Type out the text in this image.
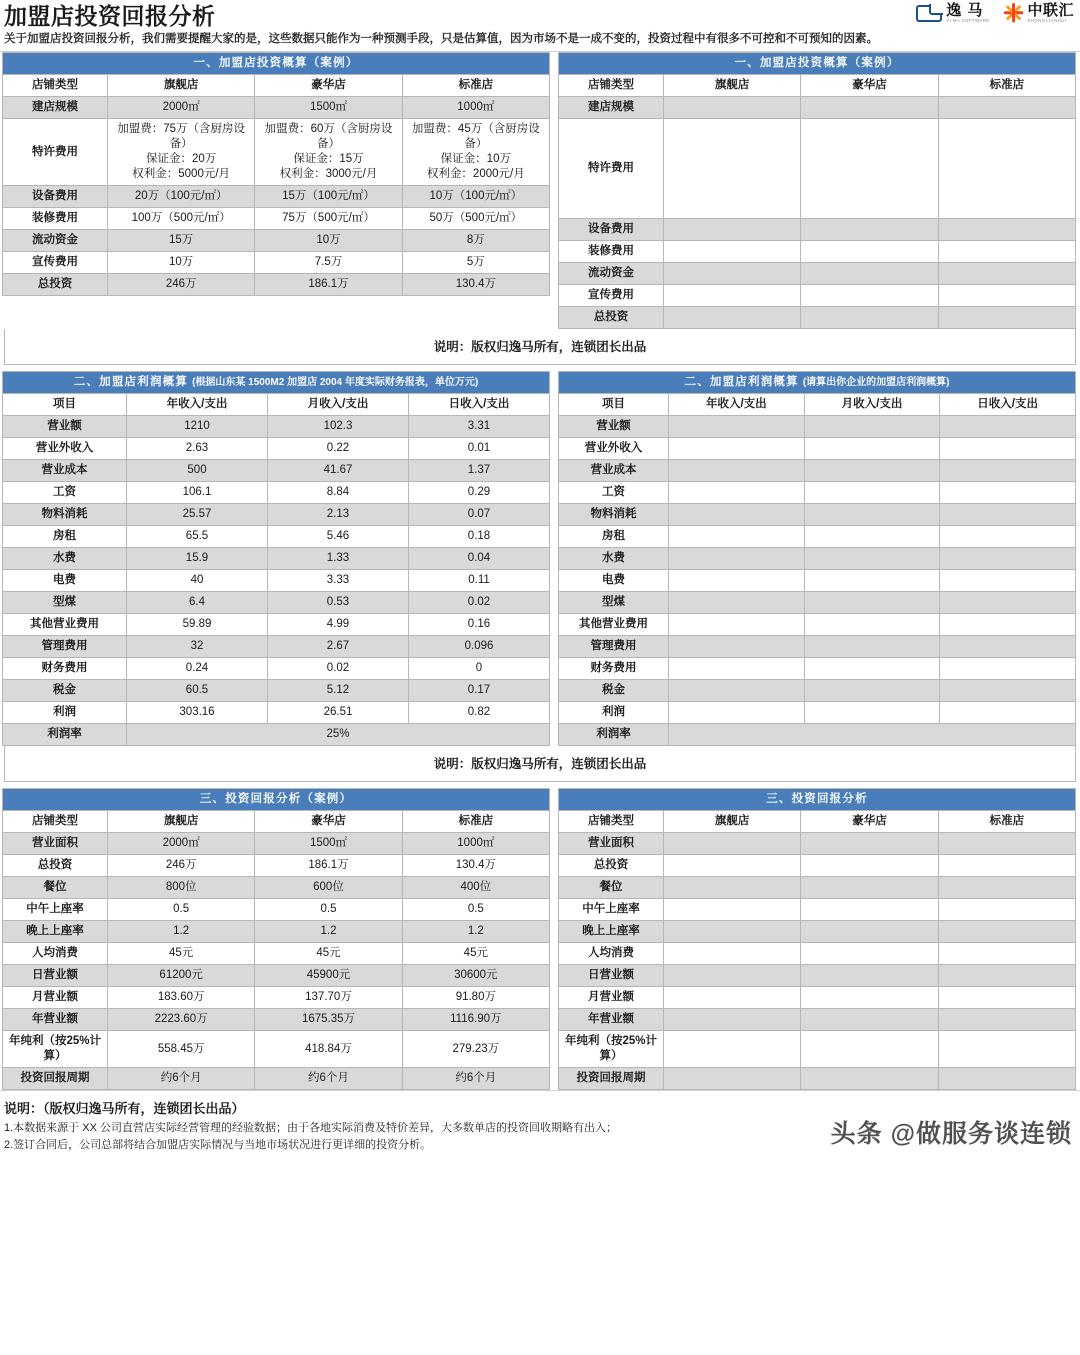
加盟店投资回报分析
关于加盟店投资回报分析，我们需要提醒大家的是，这些数据只能作为一种预测手段，只是估算值，因为市场不是一成不变的，投资过程中有很多不可控和不可预知的因素。
逸 马
YI MA SOFTWARE
中联汇
ZHONGLIANHUI
一、加盟店投资概算（案例）			
店铺类型	旗舰店	豪华店	标准店
建店规模	2000㎡	1500㎡	1000㎡
特许费用	加盟费：75万（含厨房设备）
保证金：20万
权利金：5000元/月	加盟费：60万（含厨房设备）
保证金：15万
权利金：3000元/月	加盟费：45万（含厨房设备）
保证金：10万
权利金：2000元/月
设备费用	20万（100元/㎡）	15万（100元/㎡）	10万（100元/㎡）
装修费用	100万（500元/㎡）	75万（500元/㎡）	50万（500元/㎡）
流动资金	15万	10万	8万
宣传费用	10万	7.5万	5万
总投资	246万	186.1万	130.4万
一、加盟店投资概算（案例）			
店铺类型	旗舰店	豪华店	标准店
建店规模			
特许费用			
设备费用			
装修费用			
流动资金			
宣传费用			
总投资			
说明：版权归逸马所有，连锁团长出品
二、加盟店利润概算 (根据山东某 1500M2 加盟店 2004 年度实际财务报表，单位万元)			
项目	年收入/支出	月收入/支出	日收入/支出
营业额	1210	102.3	3.31
营业外收入	2.63	0.22	0.01
营业成本	500	41.67	1.37
工资	106.1	8.84	0.29
物料消耗	25.57	2.13	0.07
房租	65.5	5.46	0.18
水费	15.9	1.33	0.04
电费	40	3.33	0.11
型煤	6.4	0.53	0.02
其他营业费用	59.89	4.99	0.16
管理费用	32	2.67	0.096
财务费用	0.24	0.02	0
税金	60.5	5.12	0.17
利润	303.16	26.51	0.82
利润率	25%		
二、加盟店利润概算 (请算出你企业的加盟店利润概算)			
项目	年收入/支出	月收入/支出	日收入/支出
营业额			
营业外收入			
营业成本			
工资			
物料消耗			
房租			
水费			
电费			
型煤			
其他营业费用			
管理费用			
财务费用			
税金			
利润			
利润率			
说明：版权归逸马所有，连锁团长出品
三、投资回报分析（案例）			
店铺类型	旗舰店	豪华店	标准店
营业面积	2000㎡	1500㎡	1000㎡
总投资	246万	186.1万	130.4万
餐位	800位	600位	400位
中午上座率	0.5	0.5	0.5
晚上上座率	1.2	1.2	1.2
人均消费	45元	45元	45元
日营业额	61200元	45900元	30600元
月营业额	183.60万	137.70万	91.80万
年营业额	2223.60万	1675.35万	1116.90万
年纯利（按25%计算）	558.45万	418.84万	279.23万
投资回报周期	约6个月	约6个月	约6个月
三、投资回报分析			
店铺类型	旗舰店	豪华店	标准店
营业面积			
总投资			
餐位			
中午上座率			
晚上上座率			
人均消费			
日营业额			
月营业额			
年营业额			
年纯利（按25%计算）			
投资回报周期			
说明：（版权归逸马所有，连锁团长出品）
1.本数据来源于 XX 公司直营店实际经营管理的经验数据；由于各地实际消费及特价差异，大多数单店的投资回收期略有出入；
2.签订合同后，公司总部将结合加盟店实际情况与当地市场状况进行更详细的投资分析。	头条 @做服务谈连锁
